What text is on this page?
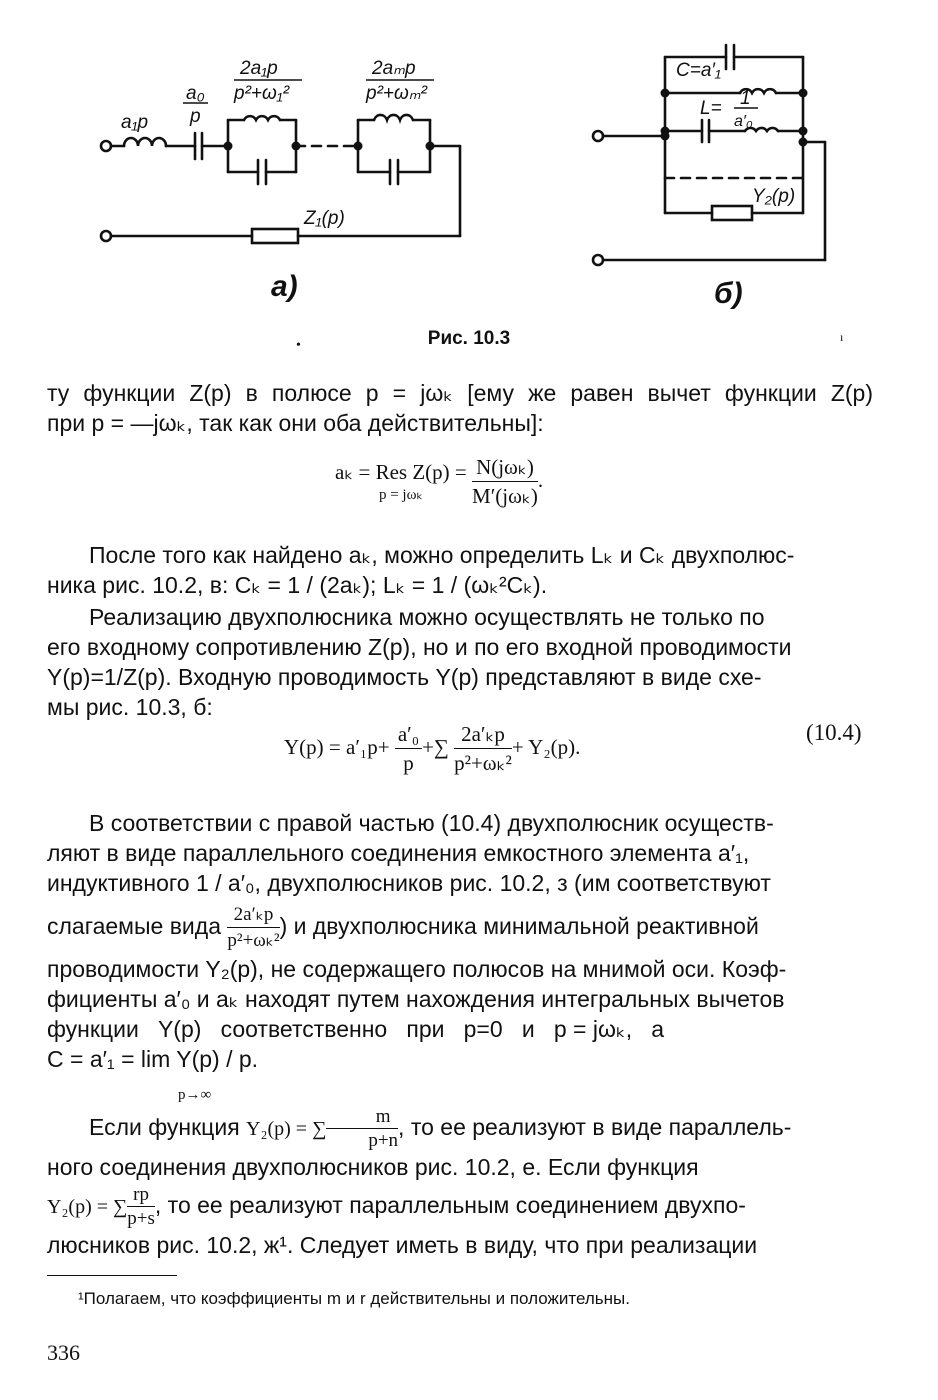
a₁p
a₀
p
2a₁p
p²+ω₁²
2aₘp
p²+ωₘ²
Z₁(p)
C=a′₁
L= 1
a′₀
Y₂(p)
a)	б)
•	Рис. 10.3	ı
ту функции Z(p) в полюсе p = jωₖ [ему же равен вычет функции Z(p)
при p = —jωₖ, так как они оба действительны]:
aₖ = Res Z(p) =
p = jωₖ
	$\frac{\text{N(jωₖ)}}{\text{M′(jωₖ)}}$ .
После того как найдено aₖ, можно определить Lₖ и Cₖ двухполюс-
ника рис. 10.2, в: Cₖ = 1 / (2aₖ); Lₖ = 1 / (ωₖ²Cₖ).
Реализацию двухполюсника можно осуществлять не только по
его входному сопротивлению Z(p), но и по его входной проводимости
Y(p)=1/Z(p). Входную проводимость Y(p) представляют в виде схе-
мы рис. 10.3, б:
$Y(p) = a'_1p+ \frac{\text{a′₀}}{p}$ +∑ $\frac{\text{2a′ₖp}}{\text{p²+ωₖ²}} + Y_2(p)$.
(10.4)
В соответствии с правой частью (10.4) двухполюсник осуществ-
ляют в виде параллельного соединения емкостного элемента a′₁,
индуктивного 1 / a′₀, двухполюсников рис. 10.2, з (им соответствуют
слагаемые вида $\frac{\text{2a′ₖp}}{\text{p²+ωₖ²}}$ ) и двухполюсника минимальной реактивной
проводимости Y₂(p), не содержащего полюсов на мнимой оси. Коэф-
фициенты a′₀ и aₖ находят путем нахождения интегральных вычетов
функции   Y(p)   соответственно   при   p=0   и   p = jωₖ,   а
C = a′₁ = lim Y(p) / p.
p→∞
Если функция Y₂(p) = ∑ $\frac{m}{p+n}$ , то ее реализуют в виде параллель-
ного соединения двухполюсников рис. 10.2, е. Если функция
Y₂(p) = ∑ $\frac{rp}{p+s}$ , то ее реализуют параллельным соединением двухпо-
люсников рис. 10.2, ж¹. Следует иметь в виду, что при реализации
¹Полагаем, что коэффициенты m и r действительны и положительны.
336
